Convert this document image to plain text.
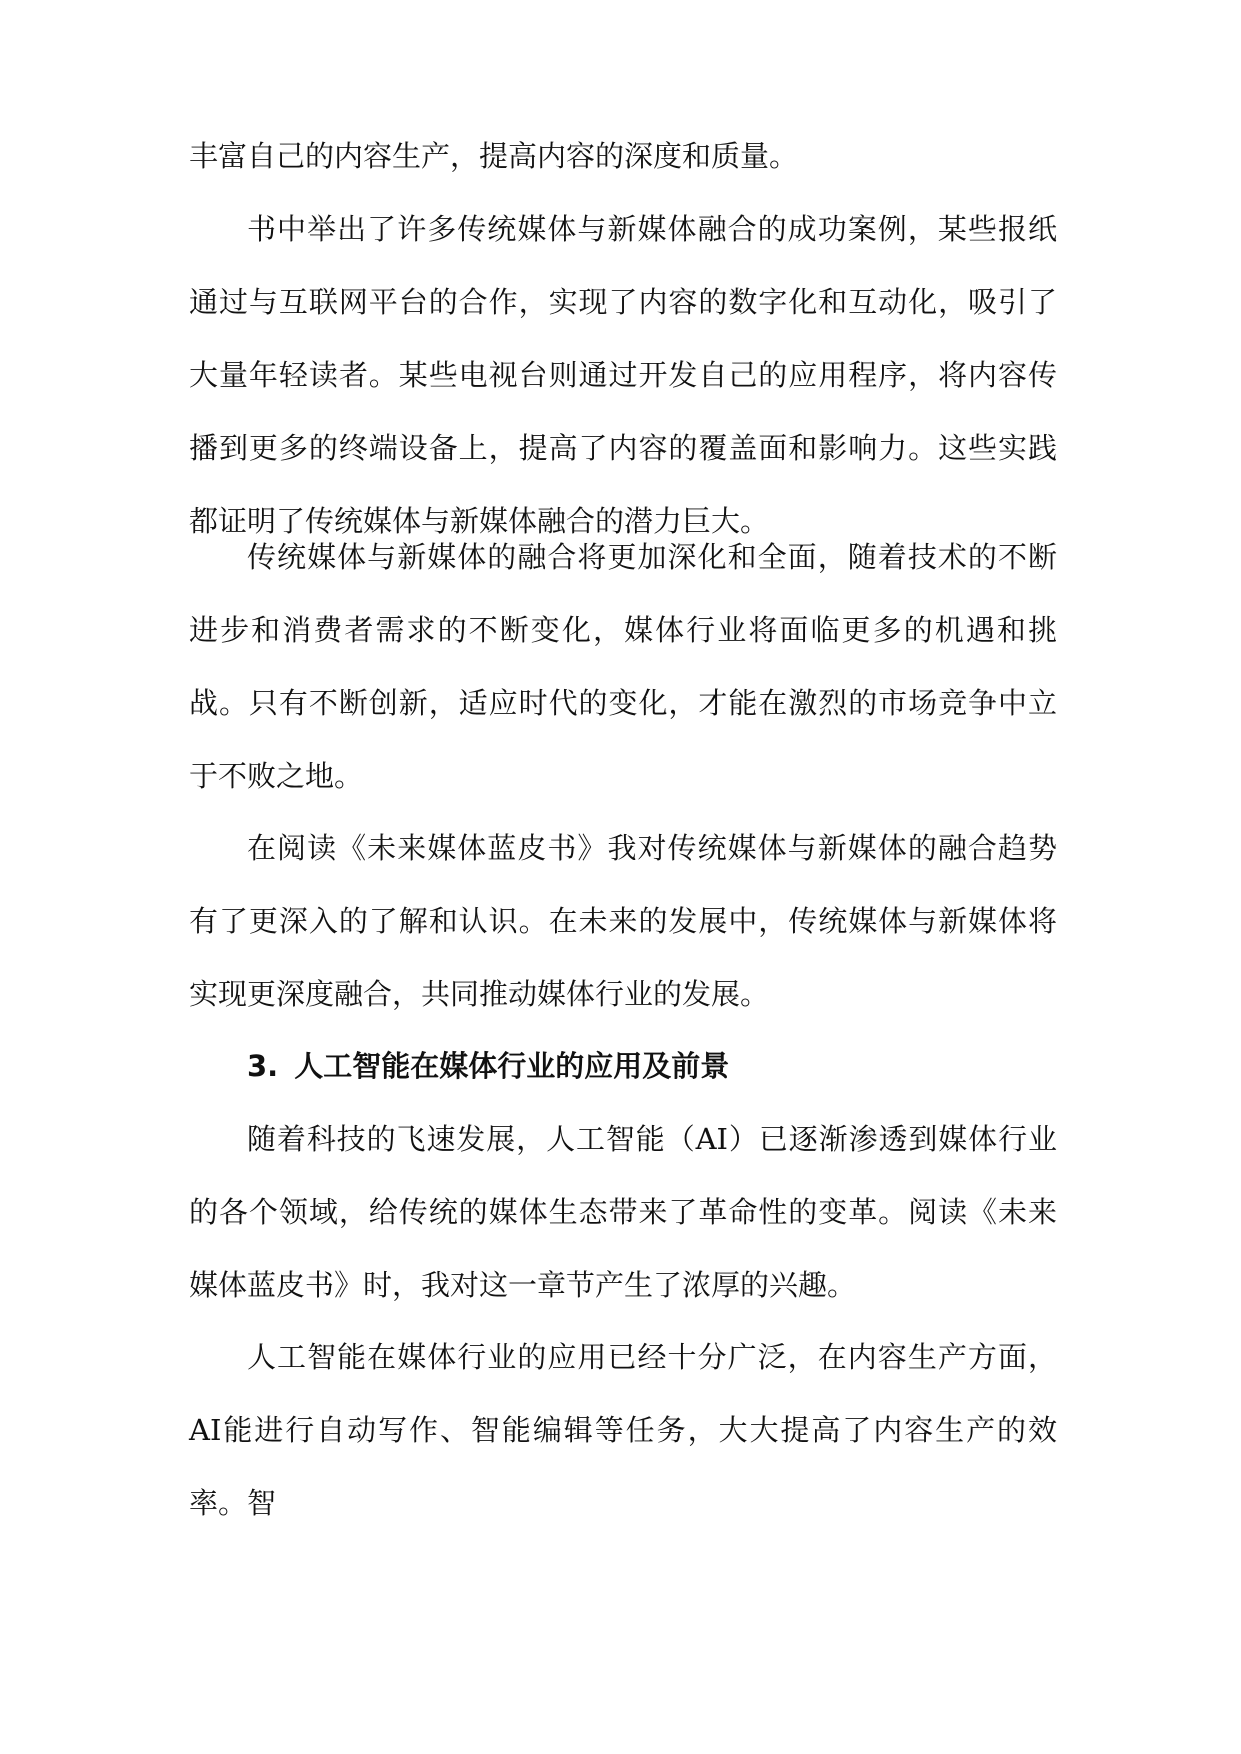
丰富自己的内容生产，提高内容的深度和质量。

书中举出了许多传统媒体与新媒体融合的成功案例，某些报纸通过与互联网平台的合作，实现了内容的数字化和互动化，吸引了大量年轻读者。某些电视台则通过开发自己的应用程序，将内容传播到更多的终端设备上，提高了内容的覆盖面和影响力。这些实践都证明了传统媒体与新媒体融合的潜力巨大。

传统媒体与新媒体的融合将更加深化和全面，随着技术的不断进步和消费者需求的不断变化，媒体行业将面临更多的机遇和挑战。只有不断创新，适应时代的变化，才能在激烈的市场竞争中立于不败之地。

在阅读《未来媒体蓝皮书》我对传统媒体与新媒体的融合趋势有了更深入的了解和认识。在未来的发展中，传统媒体与新媒体将实现更深度融合，共同推动媒体行业的发展。

3. 人工智能在媒体行业的应用及前景

随着科技的飞速发展，人工智能（AI）已逐渐渗透到媒体行业的各个领域，给传统的媒体生态带来了革命性的变革。阅读《未来媒体蓝皮书》时，我对这一章节产生了浓厚的兴趣。

人工智能在媒体行业的应用已经十分广泛，在内容生产方面，AI能进行自动写作、智能编辑等任务，大大提高了内容生产的效率。智
